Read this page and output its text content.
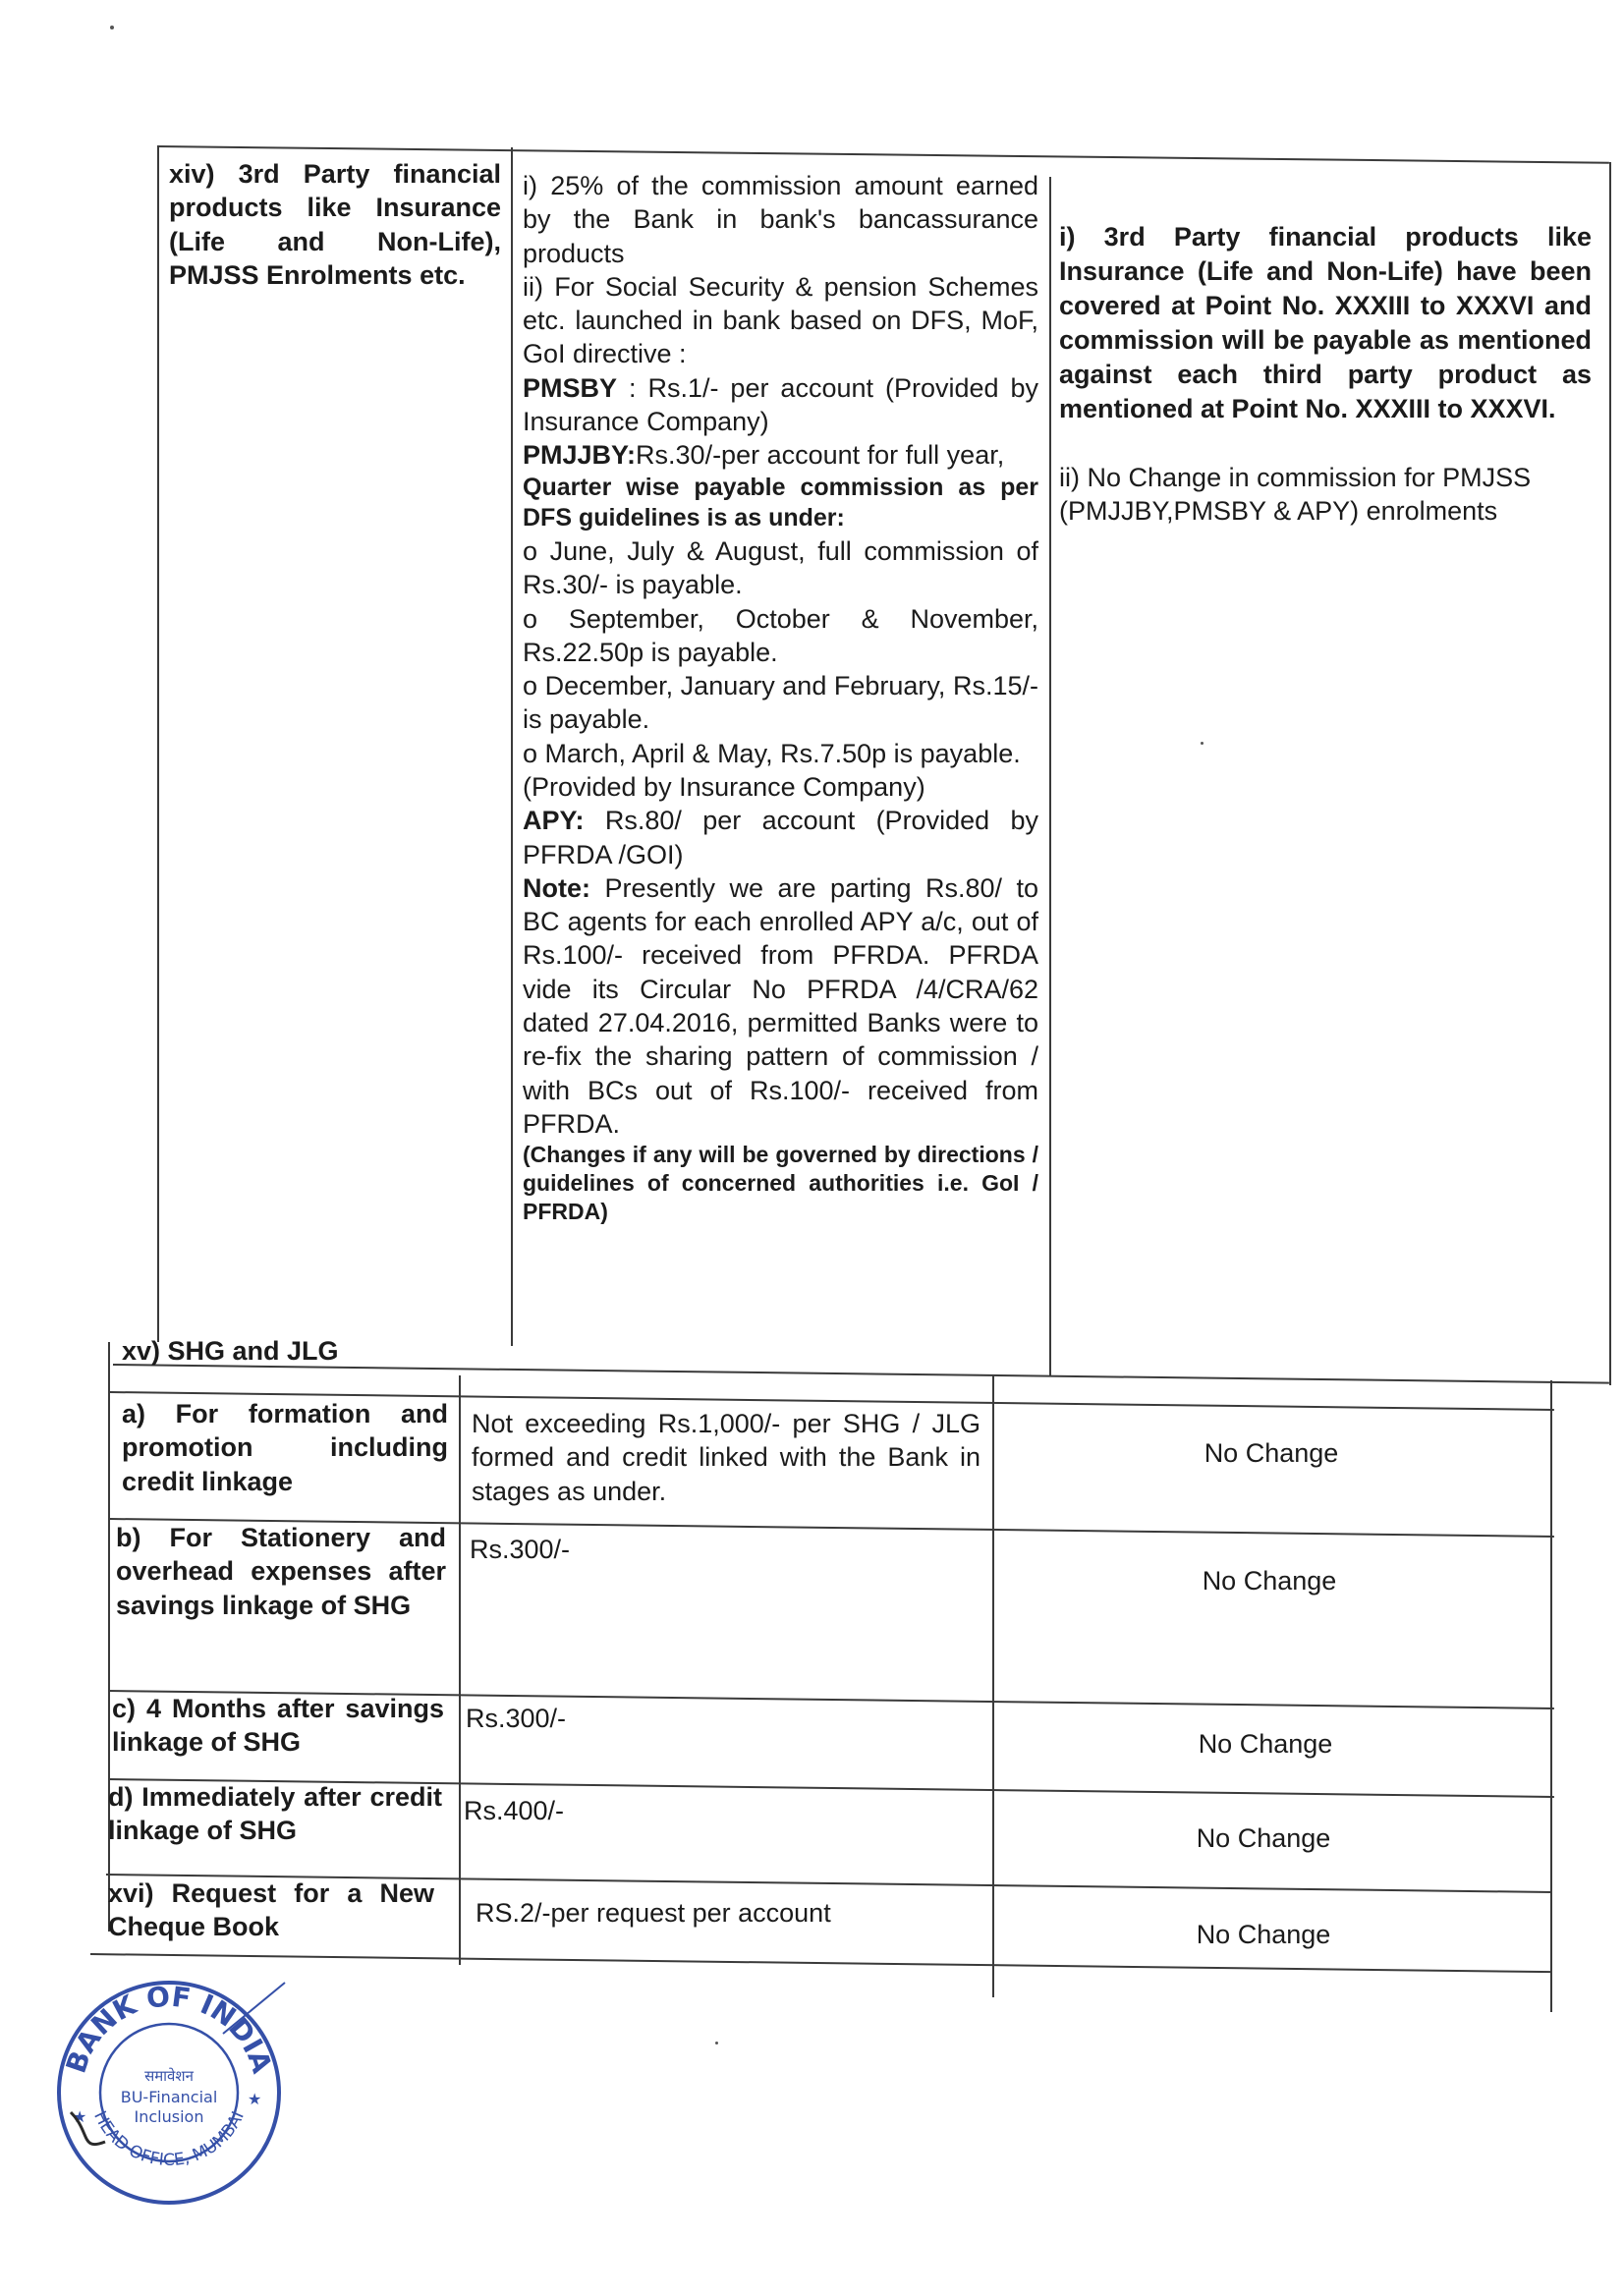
xiv) 3rd Party financial products like Insurance (Life and Non-Life), PMJSS Enrolments etc.

i) 25% of the commission amount earned by the Bank in bank's bancassurance products

ii) For Social Security & pension Schemes etc. launched in bank based on DFS, MoF, GoI directive :

PMSBY : Rs.1/- per account (Provided by Insurance Company)

PMJJBY:Rs.30/-per account for full year,

Quarter wise payable commission as per DFS guidelines is as under:

o June, July & August, full commission of Rs.30/- is payable.

o September, October & November, Rs.22.50p is payable.

o December, January and February, Rs.15/- is payable.

o March, April & May, Rs.7.50p is payable.

(Provided by Insurance Company)

APY: Rs.80/ per account (Provided by PFRDA /GOI)

Note: Presently we are parting Rs.80/ to BC agents for each enrolled APY a/c, out of Rs.100/- received from PFRDA. PFRDA vide its Circular No PFRDA /4/CRA/62 dated 27.04.2016, permitted Banks were to re-fix the sharing pattern of commission / with BCs out of Rs.100/- received from PFRDA.

(Changes if any will be governed by directions / guidelines of concerned authorities i.e. GoI / PFRDA)

i) 3rd Party financial products like Insurance (Life and Non-Life) have been covered at Point No. XXXIII to XXXVI and commission will be payable as mentioned against each third party product as mentioned at Point No. XXXIII to XXXVI.

ii) No Change in commission for PMJSS (PMJJBY,PMSBY & APY) enrolments

xv) SHG and JLG
a) For formation and promotion including credit linkage
Not exceeding Rs.1,000/- per SHG / JLG formed and credit linked with the Bank in stages as under.
No Change
b) For Stationery and overhead expenses after savings linkage of SHG
Rs.300/-
No Change
c) 4 Months after savings linkage of SHG
Rs.300/-
No Change
d) Immediately after credit linkage of SHG
Rs.400/-
No Change
xvi) Request for a New Cheque Book	RS.2/-per request per account
No Change
BANK OF INDIA
HEAD OFFICE, MUMBAI
समावेशन
BU-Financial
Inclusion
★
★
